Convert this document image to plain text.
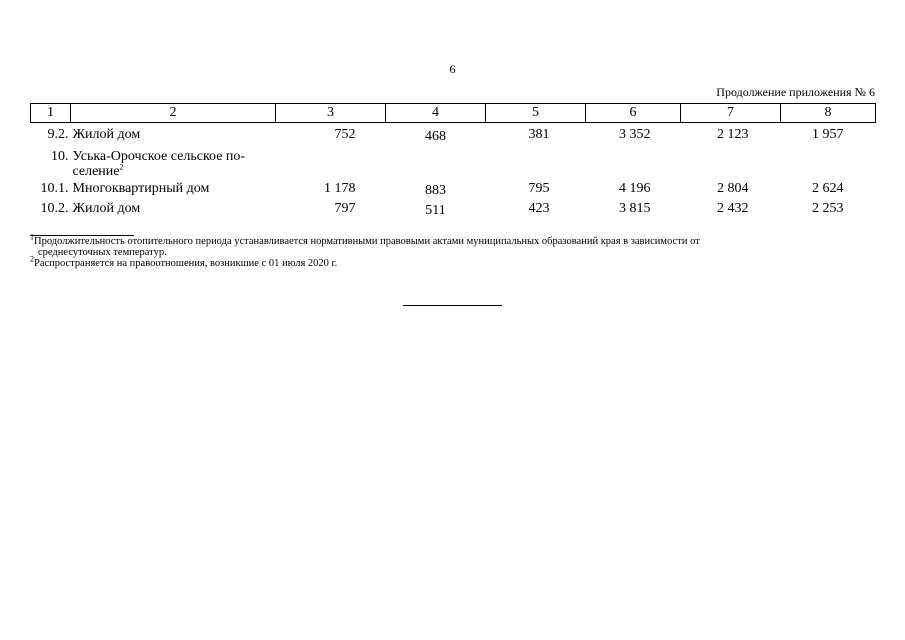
6
Продолжение приложения № 6
1	2	3	4	5	6	7	8

9.2.	Жилой дом	752	468	381	3 352	2 123	1 957
10.	Уська-Орочское сельское по-
селение$^2$

10.1.	Многоквартирный дом	1 178	883	795	4 196	2 804	2 624
10.2.	Жилой дом	797	511	423	3 815	2 432	2 253
$^1$Продолжительность отопительного периода устанавливается нормативными правовыми актами муниципальных образований края в зависимости от
среднесуточных температур.
$^2$Распространяется на правоотношения, возникшие с 01 июля 2020 г.
